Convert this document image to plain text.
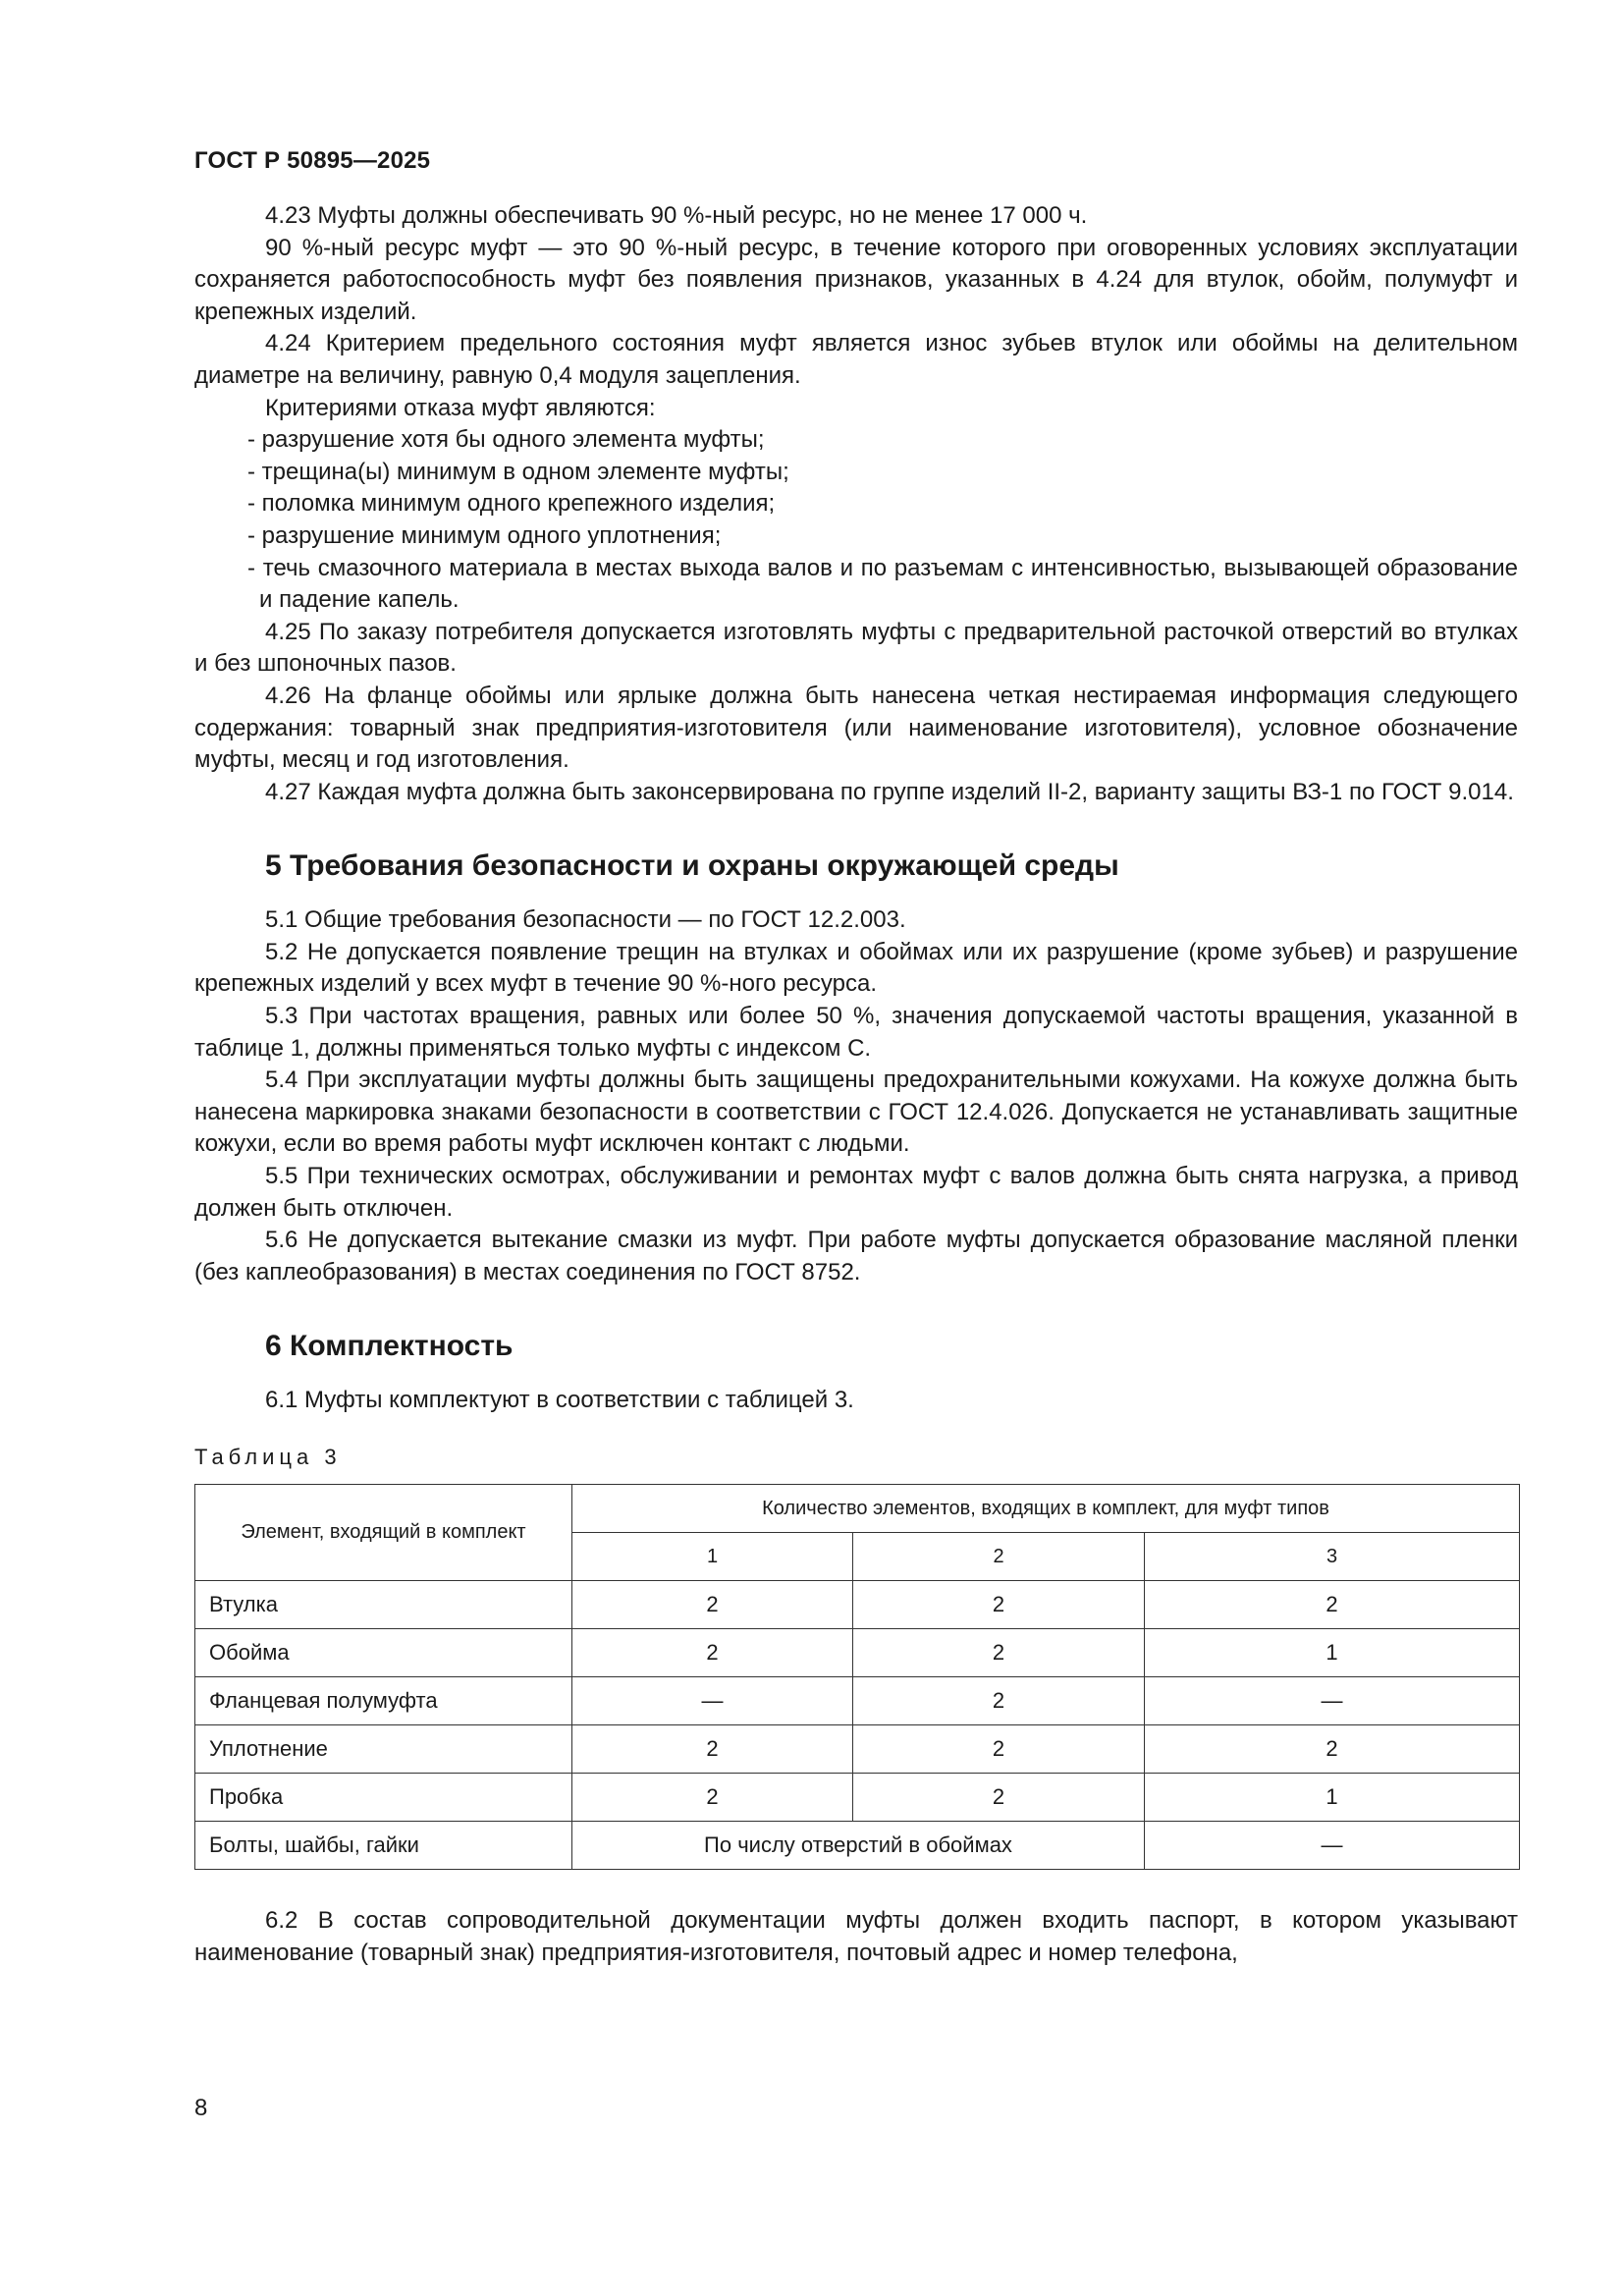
ГОСТ Р 50895—2025

4.23 Муфты должны обеспечивать 90 %-ный ресурс, но не менее 17 000 ч.

90 %-ный ресурс муфт — это 90 %-ный ресурс, в течение которого при оговоренных условиях эксплуатации сохраняется работоспособность муфт без появления признаков, указанных в 4.24 для втулок, обойм, полумуфт и крепежных изделий.

4.24 Критерием предельного состояния муфт является износ зубьев втулок или обоймы на делительном диаметре на величину, равную 0,4 модуля зацепления.

Критериями отказа муфт являются:

- разрушение хотя бы одного элемента муфты;

- трещина(ы) минимум в одном элементе муфты;

- поломка минимум одного крепежного изделия;

- разрушение минимум одного уплотнения;

- течь смазочного материала в местах выхода валов и по разъемам с интенсивностью, вызывающей образование и падение капель.

4.25 По заказу потребителя допускается изготовлять муфты с предварительной расточкой отверстий во втулках и без шпоночных пазов.

4.26 На фланце обоймы или ярлыке должна быть нанесена четкая нестираемая информация следующего содержания: товарный знак предприятия-изготовителя (или наименование изготовителя), условное обозначение муфты, месяц и год изготовления.

4.27 Каждая муфта должна быть законсервирована по группе изделий II-2, варианту защиты ВЗ-1 по ГОСТ 9.014.

5 Требования безопасности и охраны окружающей среды

5.1 Общие требования безопасности — по ГОСТ 12.2.003.

5.2 Не допускается появление трещин на втулках и обоймах или их разрушение (кроме зубьев) и разрушение крепежных изделий у всех муфт в течение 90 %-ного ресурса.

5.3 При частотах вращения, равных или более 50 %, значения допускаемой частоты вращения, указанной в таблице 1, должны применяться только муфты с индексом С.

5.4 При эксплуатации муфты должны быть защищены предохранительными кожухами. На кожухе должна быть нанесена маркировка знаками безопасности в соответствии с ГОСТ 12.4.026. Допускается не устанавливать защитные кожухи, если во время работы муфт исключен контакт с людьми.

5.5 При технических осмотрах, обслуживании и ремонтах муфт с валов должна быть снята нагрузка, а привод должен быть отключен.

5.6 Не допускается вытекание смазки из муфт. При работе муфты допускается образование масляной пленки (без каплеобразования) в местах соединения по ГОСТ 8752.

6 Комплектность

6.1 Муфты комплектуют в соответствии с таблицей 3.

Таблица 3
Элемент, входящий в комплект	Количество элементов, входящих в комплект, для муфт типов		
	1	2	3
Втулка	2	2	2
Обойма	2	2	1
Фланцевая полумуфта	—	2	—
Уплотнение	2	2	2
Пробка	2	2	1
Болты, шайбы, гайки	По числу отверстий в обоймах		—

6.2 В состав сопроводительной документации муфты должен входить паспорт, в котором указывают наименование (товарный знак) предприятия-изготовителя, почтовый адрес и номер телефона,

8
